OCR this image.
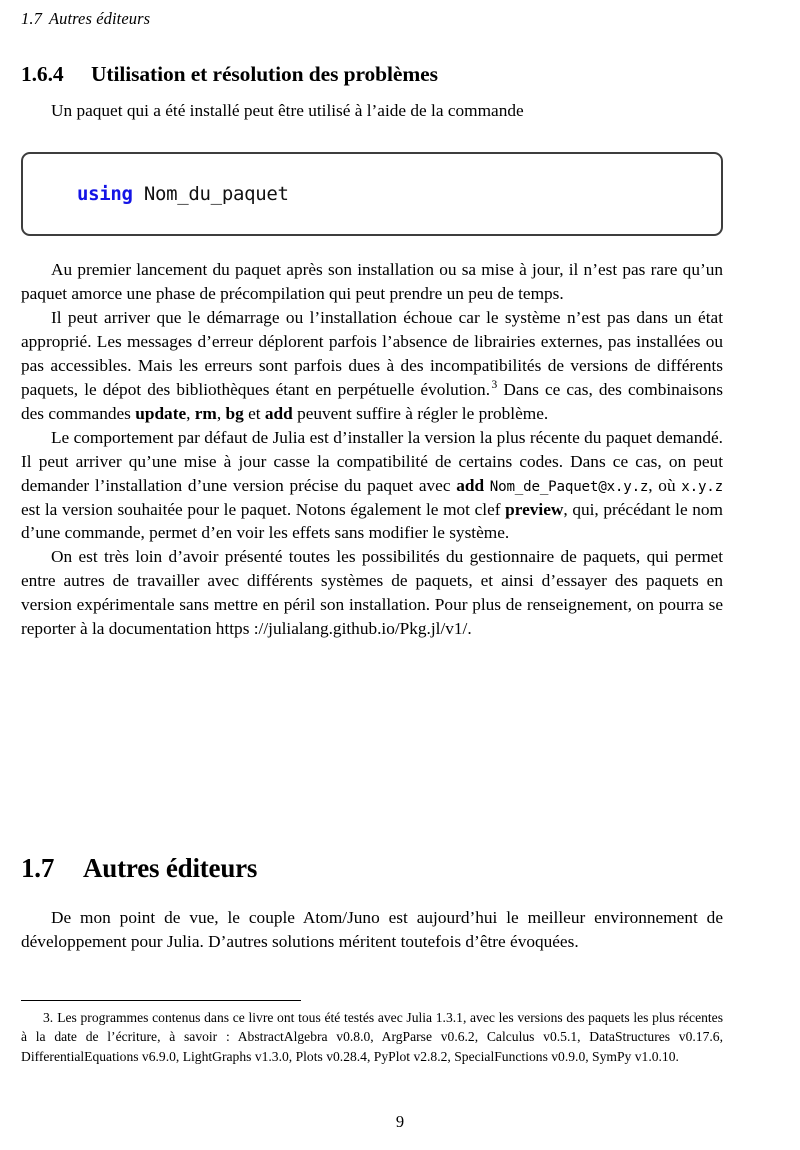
1.7 Autres éditeurs
1.6.4 Utilisation et résolution des problèmes

Un paquet qui a été installé peut être utilisé à l’aide de la commande

using Nom_du_paquet

Au premier lancement du paquet après son installation ou sa mise à jour, il n’est pas rare qu’un paquet amorce une phase de précompilation qui peut prendre un peu de temps.

Il peut arriver que le démarrage ou l’installation échoue car le système n’est pas dans un état approprié. Les messages d’erreur déplorent parfois l’absence de librairies externes, pas installées ou pas accessibles. Mais les erreurs sont parfois dues à des incompatibilités de versions de différents paquets, le dépot des bibliothèques étant en perpétuelle évolution. $^3$ Dans ce cas, des combinaisons des commandes update, rm, bg et add peuvent suffire à régler le problème.

Le comportement par défaut de Julia est d’installer la version la plus récente du paquet demandé. Il peut arriver qu’une mise à jour casse la compatibilité de certains codes. Dans ce cas, on peut demander l’installation d’une version précise du paquet avec add Nom_de_Paquet@x.y.z, où x.y.z est la version souhaitée pour le paquet. Notons également le mot clef preview, qui, précédant le nom d’une commande, permet d’en voir les effets sans modifier le système.

On est très loin d’avoir présenté toutes les possibilités du gestionnaire de paquets, qui permet entre autres de travailler avec différents systèmes de paquets, et ainsi d’essayer des paquets en version expérimentale sans mettre en péril son installation. Pour plus de renseignement, on pourra se reporter à la documentation https ://julialang.github.io/Pkg.jl/v1/.

1.7 Autres éditeurs

De mon point de vue, le couple Atom/Juno est aujourd’hui le meilleur environnement de développement pour Julia. D’autres solutions méritent toutefois d’être évoquées.

3. Les programmes contenus dans ce livre ont tous été testés avec Julia 1.3.1, avec les versions des paquets les plus récentes à la date de l’écriture, à savoir : AbstractAlgebra v0.8.0, ArgParse v0.6.2, Calculus v0.5.1, DataStructures v0.17.6, DifferentialEquations v6.9.0, LightGraphs v1.3.0, Plots v0.28.4, PyPlot v2.8.2, SpecialFunctions v0.9.0, SymPy v1.0.10.

9
